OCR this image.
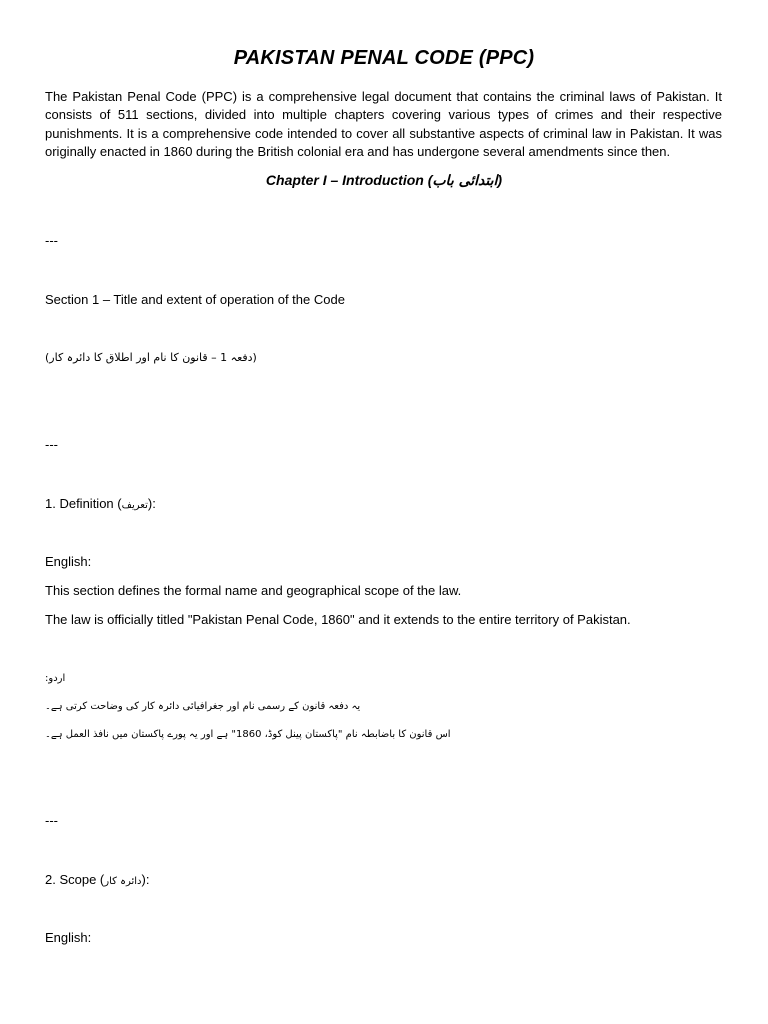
PAKISTAN PENAL CODE (PPC)
The Pakistan Penal Code (PPC) is a comprehensive legal document that contains the criminal laws of Pakistan. It consists of 511 sections, divided into multiple chapters covering various types of crimes and their respective punishments. It is a comprehensive code intended to cover all substantive aspects of criminal law in Pakistan. It was originally enacted in 1860 during the British colonial era and has undergone several amendments since then.
Chapter I – Introduction (ابتدائی باب)
---
Section 1 – Title and extent of operation of the Code
(دفعہ 1 – قانون کا نام اور اطلاق کا دائرہ کار)
---
1. Definition (تعریف):
English:
This section defines the formal name and geographical scope of the law.
The law is officially titled "Pakistan Penal Code, 1860" and it extends to the entire territory of Pakistan.
اردو:
یہ دفعہ قانون کے رسمی نام اور جغرافیائی دائرہ کار کی وضاحت کرتی ہے۔
اس قانون کا باضابطہ نام "پاکستان پینل کوڈ، 1860" ہے اور یہ پورے پاکستان میں نافذ العمل ہے۔
---
2. Scope (دائرہ کار):
English:
